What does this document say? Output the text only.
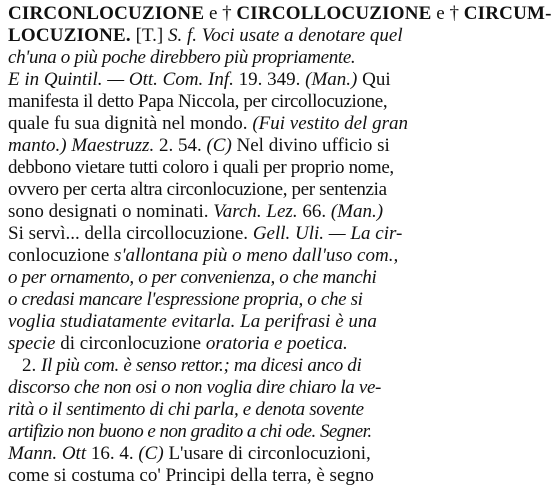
CIRCONLOCUZIONE e † CIRCOLLOCUZIONE e † CIRCUM-
LOCUZIONE. [T.] S. f. Voci usate a denotare quel
ch'una o più poche direbbero più propriamente.
E in Quintil. — Ott. Com. Inf. 19. 349. (Man.) Qui
manifesta il detto Papa Niccola, per circollocuzione,
quale fu sua dignità nel mondo. (Fui vestito del gran
manto.) Maestruzz. 2. 54. (C) Nel divino ufficio si
debbono vietare tutti coloro i quali per proprio nome,
ovvero per certa altra circonlocuzione, per sentenzia
sono designati o nominati. Varch. Lez. 66. (Man.)
Si servì... della circollocuzione. Gell. Uli. — La cir-
conlocuzione s'allontana più o meno dall'uso com.,
o per ornamento, o per convenienza, o che manchi
o credasi mancare l'espressione propria, o che si
voglia studiatamente evitarla. La perifrasi è una
specie di circonlocuzione oratoria e poetica.
2. Il più com. è senso rettor.; ma dicesi anco di
discorso che non osi o non voglia dire chiaro la ve-
rità o il sentimento di chi parla, e denota sovente
artifizio non buono e non gradito a chi ode. Segner.
Mann. Ott 16. 4. (C) L'usare di circonlocuzioni,
come si costuma co' Principi della terra, è segno
